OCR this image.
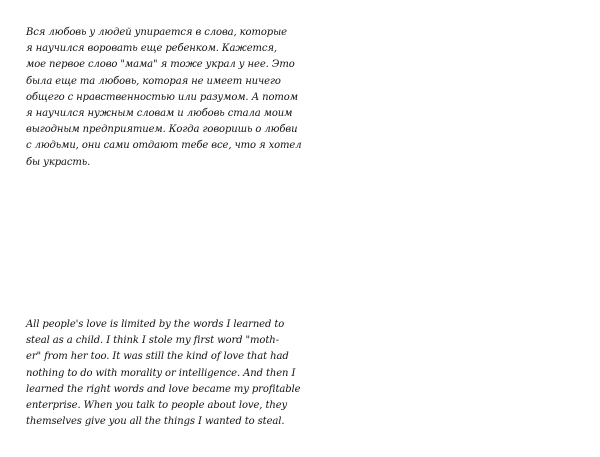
Вся любовь у людей упирается в слова, которые
я научился воровать еще ребенком. Кажется,
мое первое слово "мама" я тоже украл у нее. Это
была еще та любовь, которая не имеет ничего
общего с нравственностью или разумом. А потом
я научился нужным словам и любовь стала моим
выгодным предприятием. Когда говоришь о любви
с людьми, они сами отдают тебе все, что я хотел
бы украсть.
All people's love is limited by the words I learned to
steal as a child. I think I stole my first word "moth-
er" from her too. It was still the kind of love that had
nothing to do with morality or intelligence. And then I
learned the right words and love became my profitable
enterprise. When you talk to people about love, they
themselves give you all the things I wanted to steal.
